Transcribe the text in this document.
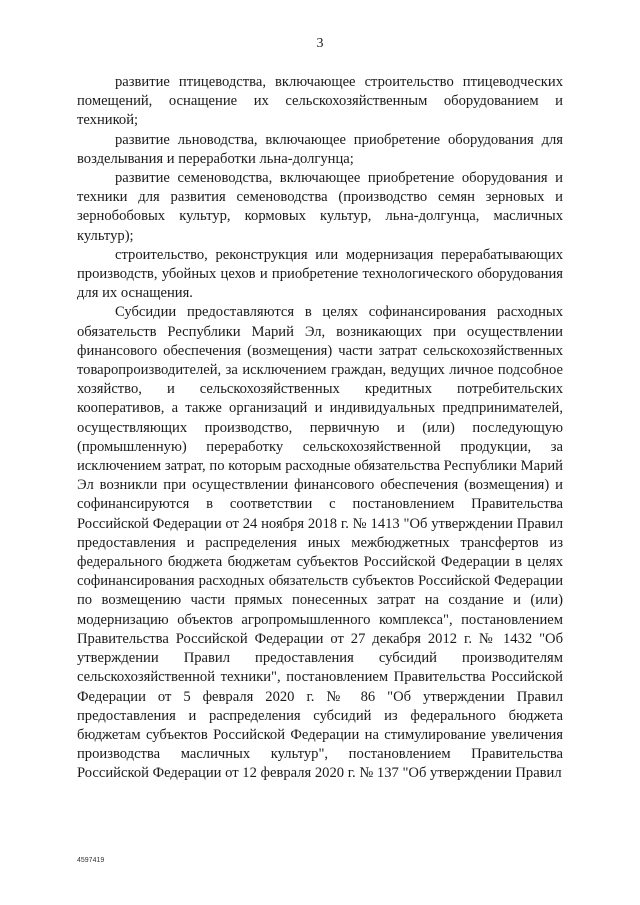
3

развитие птицеводства, включающее строительство птицеводческих помещений, оснащение их сельскохозяйственным оборудованием и техникой;

развитие льноводства, включающее приобретение оборудования для возделывания и переработки льна-долгунца;

развитие семеноводства, включающее приобретение оборудования и техники для развития семеноводства (производство семян зерновых и зернобобовых культур, кормовых культур, льна-долгунца, масличных культур);

строительство, реконструкция или модернизация перерабатывающих производств, убойных цехов и приобретение технологического оборудования для их оснащения.

Субсидии предоставляются в целях софинансирования расходных обязательств Республики Марий Эл, возникающих при осуществлении финансового обеспечения (возмещения) части затрат сельскохозяйственных товаропроизводителей, за исключением граждан, ведущих личное подсобное хозяйство, и сельскохозяйственных кредитных потребительских кооперативов, а также организаций и индивидуальных предпринимателей, осуществляющих производство, первичную и (или) последующую (промышленную) переработку сельскохозяйственной продукции, за исключением затрат, по которым расходные обязательства Республики Марий Эл возникли при осуществлении финансового обеспечения (возмещения) и софинансируются в соответствии с постановлением Правительства Российской Федерации от 24 ноября 2018 г. № 1413 "Об утверждении Правил предоставления и распределения иных межбюджетных трансфертов из федерального бюджета бюджетам субъектов Российской Федерации в целях софинансирования расходных обязательств субъектов Российской Федерации по возмещению части прямых понесенных затрат на создание и (или) модернизацию объектов агропромышленного комплекса", постановлением Правительства Российской Федерации от 27 декабря 2012 г. № 1432 "Об утверждении Правил предоставления субсидий производителям сельскохозяйственной техники", постановлением Правительства Российской Федерации от 5 февраля 2020 г. № 86 "Об утверждении Правил предоставления и распределения субсидий из федерального бюджета бюджетам субъектов Российской Федерации на стимулирование увеличения производства масличных культур", постановлением Правительства Российской Федерации от 12 февраля 2020 г. № 137 "Об утверждении Правил

4597419
